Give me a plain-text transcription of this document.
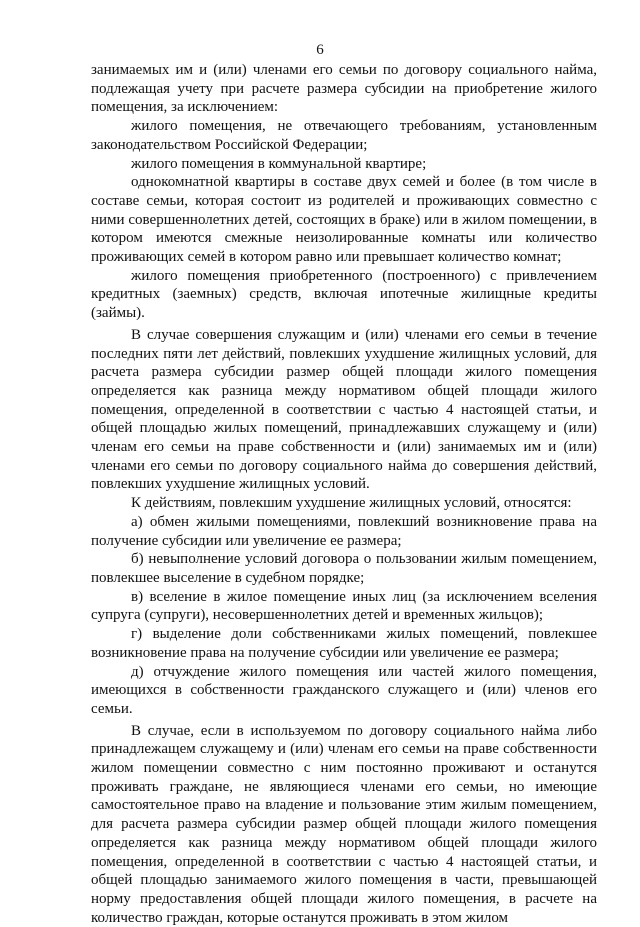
6

занимаемых им и (или) членами его семьи по договору социального найма, подлежащая учету при расчете размера субсидии на приобретение жилого помещения, за исключением:

жилого помещения, не отвечающего требованиям, установленным законодательством Российской Федерации;

жилого помещения в коммунальной квартире;

однокомнатной квартиры в составе двух семей и более (в том числе в составе семьи, которая состоит из родителей и проживающих совместно с ними совершеннолетних детей, состоящих в браке) или в жилом помещении, в котором имеются смежные неизолированные комнаты или количество проживающих семей в котором равно или превышает количество комнат;

жилого помещения приобретенного (построенного) с привлечением кредитных (заемных) средств, включая ипотечные жилищные кредиты (займы).

В случае совершения служащим и (или) членами его семьи в течение последних пяти лет действий, повлекших ухудшение жилищных условий, для расчета размера субсидии размер общей площади жилого помещения определяется как разница между нормативом общей площади жилого помещения, определенной в соответствии с частью 4 настоящей статьи, и общей площадью жилых помещений, принадлежавших служащему и (или) членам его семьи на праве собственности и (или) занимаемых им и (или) членами его семьи по договору социального найма до совершения действий, повлекших ухудшение жилищных условий.

К действиям, повлекшим ухудшение жилищных условий, относятся:

а) обмен жилыми помещениями, повлекший возникновение права на получение субсидии или увеличение ее размера;

б) невыполнение условий договора о пользовании жилым помещением, повлекшее выселение в судебном порядке;

в) вселение в жилое помещение иных лиц (за исключением вселения супруга (супруги), несовершеннолетних детей и временных жильцов);

г) выделение доли собственниками жилых помещений, повлекшее возникновение права на получение субсидии или увеличение ее размера;

д) отчуждение жилого помещения или частей жилого помещения, имеющихся в собственности гражданского служащего и (или) членов его семьи.

В случае, если в используемом по договору социального найма либо принадлежащем служащему и (или) членам его семьи на праве собственности жилом помещении совместно с ним постоянно проживают и останутся проживать граждане, не являющиеся членами его семьи, но имеющие самостоятельное право на владение и пользование этим жилым помещением, для расчета размера субсидии размер общей площади жилого помещения определяется как разница между нормативом общей площади жилого помещения, определенной в соответствии с частью 4 настоящей статьи, и общей площадью занимаемого жилого помещения в части, превышающей норму предоставления общей площади жилого помещения, в расчете на количество граждан, которые останутся проживать в этом жилом
